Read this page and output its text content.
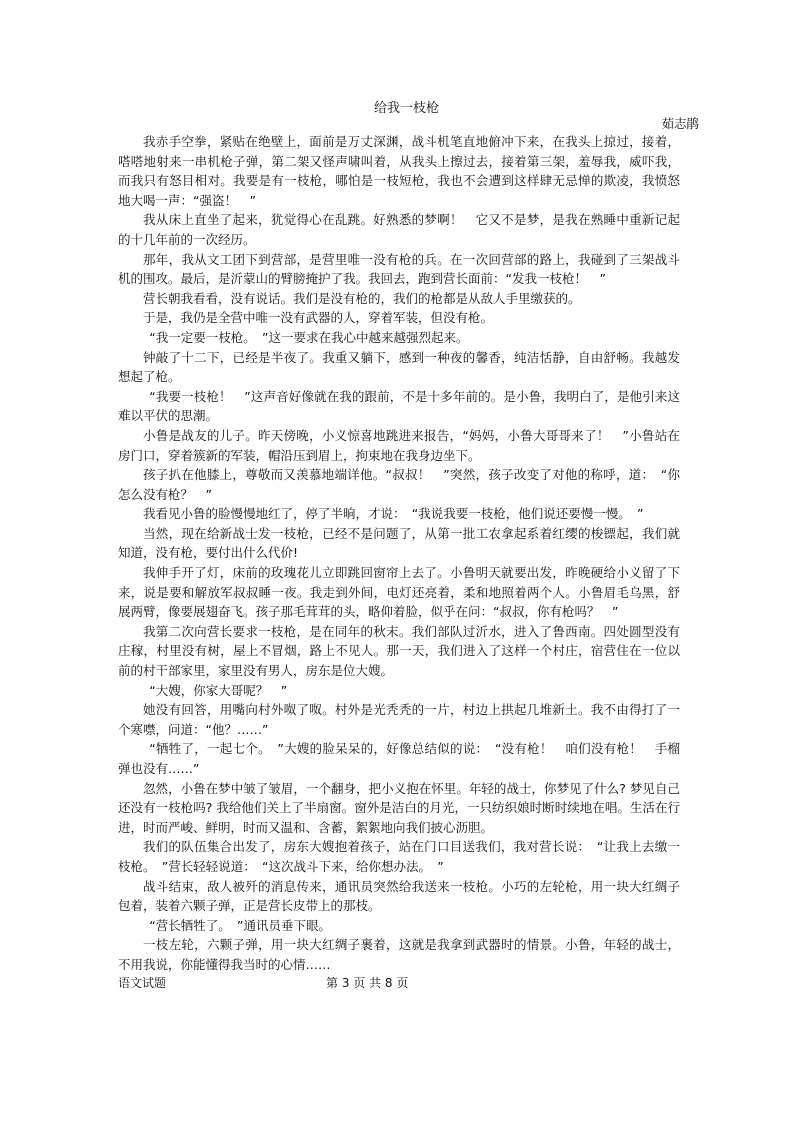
给我一枝枪
茹志鹃

我赤手空拳，紧贴在绝壁上，面前是万丈深渊，战斗机笔直地俯冲下来，在我头上掠过，接着，嗒嗒地射来一串机枪子弹，第二架又怪声啸叫着，从我头上擦过去，接着第三架，羞辱我，威吓我，而我只有怒目相对。我要是有一枝枪，哪怕是一枝短枪，我也不会遭到这样肆无忌惮的欺凌，我愤怒地大喝一声：“强盗！　”

我从床上直坐了起来，犹觉得心在乱跳。好熟悉的梦啊！　它又不是梦，是我在熟睡中重新记起的十几年前的一次经历。

那年，我从文工团下到营部，是营里唯一没有枪的兵。在一次回营部的路上，我碰到了三架战斗机的围攻。最后，是沂蒙山的臂膀掩护了我。我回去，跑到营长面前：“发我一枝枪！　”

营长朝我看看，没有说话。我们是没有枪的，我们的枪都是从敌人手里缴获的。

于是，我仍是全营中唯一没有武器的人，穿着军装，但没有枪。

“我一定要一枝枪。　”这一要求在我心中越来越强烈起来。

钟敲了十二下，已经是半夜了。我重又躺下，感到一种夜的馨香，纯洁恬静，自由舒畅。我越发想起了枪。

“我要一枝枪！　”这声音好像就在我的跟前，不是十多年前的。是小鲁，我明白了，是他引来这难以平伏的思潮。

小鲁是战友的儿子。昨天傍晚，小义惊喜地跳进来报告，“妈妈，小鲁大哥哥来了！　”小鲁站在房门口，穿着簇新的军装，帽沿压到眉上，拘束地在我身边坐下。

孩子扒在他膝上，尊敬而又羡慕地端详他。“叔叔！　”突然，孩子改变了对他的称呼，道：　“你怎么没有枪？　”

我看见小鲁的脸慢慢地红了，停了半晌，才说：　“我说我要一枝枪，他们说还要慢一慢。　”

当然，现在给新战士发一枝枪，已经不是问题了，从第一批工农拿起系着红缨的梭镖起，我们就知道，没有枪，要付出什么代价!

我伸手开了灯，床前的玫瑰花儿立即跳回窗帘上去了。小鲁明天就要出发，昨晚硬给小义留了下来，说是要和解放军叔叔睡一夜。我走到外间，电灯还亮着，柔和地照着两个人。小鲁眉毛乌黑，舒展两臂，像要展翅奋飞。孩子那毛茸茸的头，略仰着脸，似乎在问：“叔叔，你有枪吗？　”

我第二次向营长要求一枝枪，是在同年的秋末。我们部队过沂水，进入了鲁西南。四处圆型没有庄稼，村里没有树，屋上不冒烟，路上不见人。那一天，我们进入了这样一个村庄，宿营住在一位以前的村干部家里，家里没有男人，房东是位大嫂。

“大嫂，你家大哥呢？　”

她没有回答，用嘴向村外呶了呶。村外是光秃秃的一片，村边上拱起几堆新土。我不由得打了一个寒噤，问道：“他？……”

“牺牲了，一起七个。　”大嫂的脸呆呆的，好像总结似的说：　“没有枪！　咱们没有枪！　手榴弹也没有……”

忽然，小鲁在梦中皱了皱眉，一个翻身，把小义抱在怀里。年轻的战士，你梦见了什么? 梦见自己还没有一枝枪吗? 我给他们关上了半扇窗。窗外是洁白的月光，一只纺织娘时断时续地在唱。生活在行进，时而严峻、鲜明，时而又温和、含蓄，絮絮地向我们披心沥胆。

我们的队伍集合出发了，房东大嫂抱着孩子，站在门口目送我们，我对营长说：　“让我上去缴一枝枪。　”营长轻轻说道：　“这次战斗下来，给你想办法。　”

战斗结束，敌人被歼的消息传来，通讯员突然给我送来一枝枪。小巧的左轮枪，用一块大红绸子包着，装着六颗子弹，正是营长皮带上的那枝。

“营长牺牲了。　”通讯员垂下眼。

一枝左轮，六颗子弹，用一块大红绸子裹着，这就是我拿到武器时的情景。小鲁，年轻的战士，不用我说，你能懂得我当时的心情……

语文试题	第 3 页 共 8 页
